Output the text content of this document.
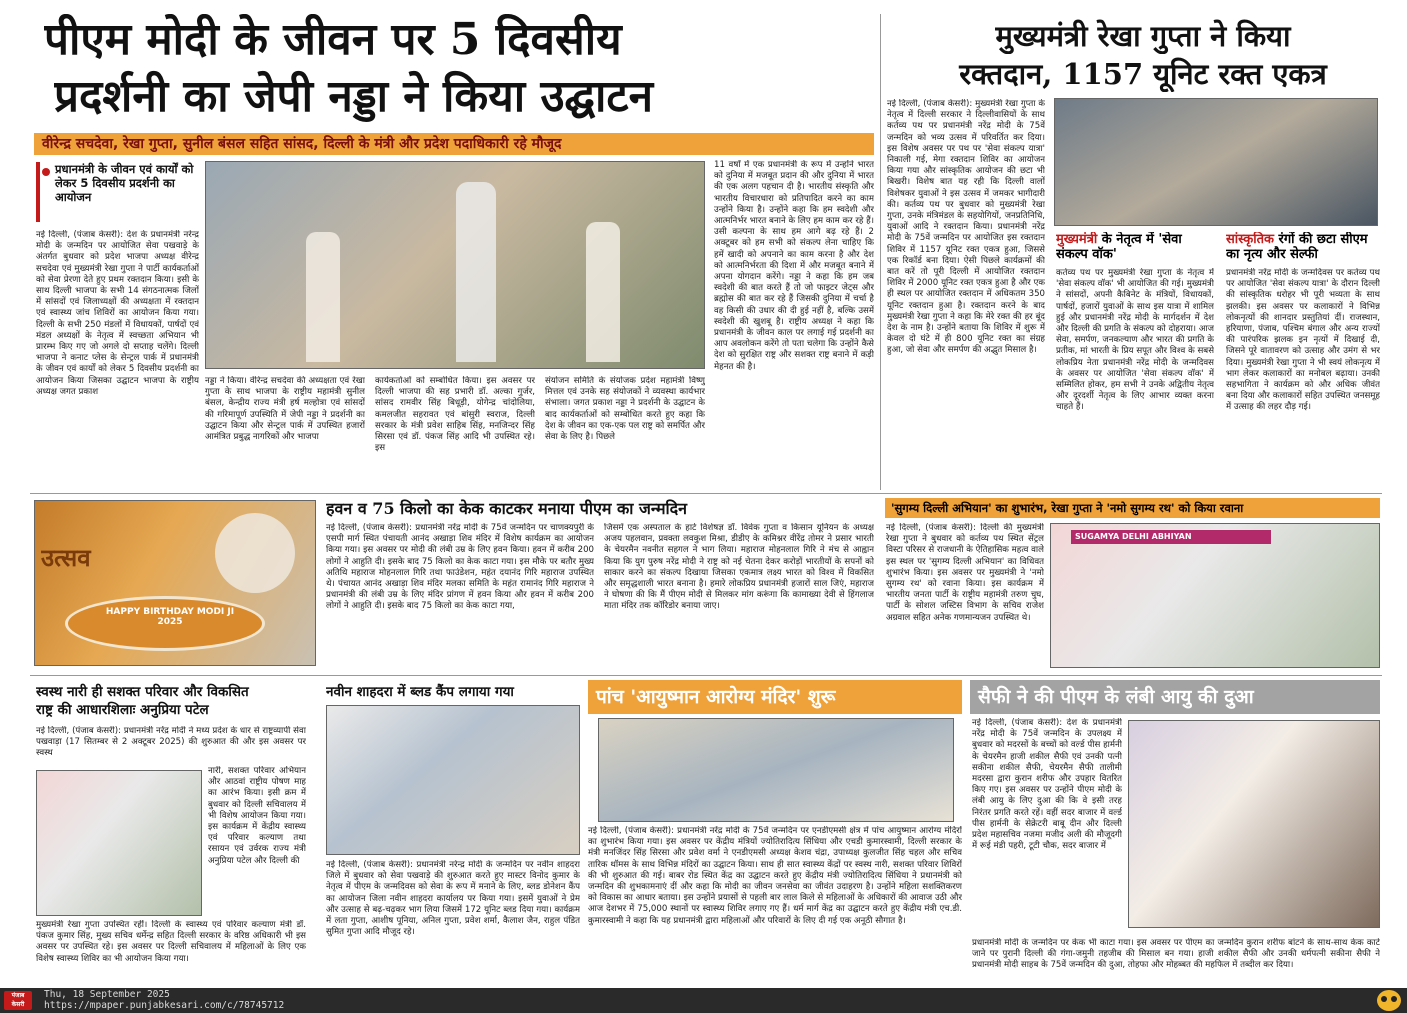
पीएम मोदी के जीवन पर 5 दिवसीय
प्रदर्शनी का जेपी नड्डा ने किया उद्घाटन
वीरेन्द्र सचदेवा, रेखा गुप्ता, सुनील बंसल सहित सांसद, दिल्ली के मंत्री और प्रदेश पदाधिकारी रहे मौजूद
प्रधानमंत्री के जीवन एवं कार्यों को लेकर 5 दिवसीय प्रदर्शनी का आयोजन
नई दिल्ली, (पंजाब केसरी): देश के प्रधानमंत्री नरेन्द्र मोदी के जन्मदिन पर आयोजित सेवा पखवाड़े के अंतर्गत बुधवार को प्रदेश भाजपा अध्यक्ष वीरेन्द्र सचदेवा एवं मुख्यमंत्री रेखा गुप्ता ने पार्टी कार्यकर्ताओं को सेवा प्रेरणा देते हुए प्रथम रक्तदान किया। इसी के साथ दिल्ली भाजपा के सभी 14 संगठनात्मक जिलों में सांसदों एवं जिलाध्यक्षों की अध्यक्षता में रक्तदान एवं स्वास्थ्य जांच शिविरों का आयोजन किया गया। दिल्ली के सभी 250 मंडलों में विधायकों, पार्षदों एवं मंडल अध्यक्षों के नेतृत्व में स्वच्छता अभियान भी प्रारम्भ किए गए जो अगले दो सप्ताह चलेंगे। दिल्ली भाजपा ने कनाट प्लेस के सेन्ट्रल पार्क में प्रधानमंत्री के जीवन एवं कार्यों को लेकर 5 दिवसीय प्रदर्शनी का आयोजन किया जिसका उद्घाटन भाजपा के राष्ट्रीय अध्यक्ष जगत प्रकाश
नड्डा ने किया। वीरेन्द्र सचदेवा की अध्यक्षता एवं रेखा गुप्ता के साथ भाजपा के राष्ट्रीय महामंत्री सुनील बंसल, केन्द्रीय राज्य मंत्री हर्ष मल्होत्रा एवं सांसदों की गरिमापूर्ण उपस्थिति में जेपी नड्डा ने प्रदर्शनी का उद्घाटन किया और सेन्ट्रल पार्क में उपस्थित हजारों आमंत्रित प्रबुद्ध नागरिकों और भाजपा
कार्यकर्ताओं को सम्बोधित किया। इस अवसर पर दिल्ली भाजपा की सह प्रभारी डॉ. अल्का गुर्जर, सांसद रामवीर सिंह बिधूड़ी, योगेन्द्र चांदोलिया, कमलजीत सहरावत एवं बांसुरी स्वराज, दिल्ली सरकार के मंत्री प्रवेश साहिब सिंह, मनजिन्दर सिंह सिरसा एवं डॉ. पंकज सिंह आदि भी उपस्थित रहे। इस
संयोजन समिति के संयोजक प्रदेश महामंत्री विष्णु मित्तल एवं उनके सह संयोजकों ने व्यवस्था कार्यभार संभाला। जगत प्रकाश नड्डा ने प्रदर्शनी के उद्घाटन के बाद कार्यकर्ताओं को सम्बोधित करते हुए कहा कि देश के जीवन का एक-एक पल राष्ट्र को समर्पित और सेवा के लिए है। पिछले
11 वर्षों में एक प्रधानमंत्री के रूप में उन्होंने भारत को दुनिया में मजबूत प्रदान की और दुनिया में भारत की एक अलग पहचान दी है। भारतीय संस्कृति और भारतीय विचारधारा को प्रतिपादित करने का काम उन्होंने किया है। उन्होंने कहा कि हम स्वदेशी और आत्मनिर्भर भारत बनाने के लिए हम काम कर रहे हैं। उसी कल्पना के साथ हम आगे बढ़ रहे हैं। 2 अक्टूबर को हम सभी को संकल्प लेना चाहिए कि हमें खादी को अपनाने का काम करना है और देश को आत्मनिर्भरता की दिशा में और मजबूत बनाने में अपना योगदान करेंगे। नड्डा ने कहा कि हम जब स्वदेशी की बात करते हैं तो जो फाइटर जेट्स और ब्रह्मोस की बात कर रहे हैं जिसकी दुनिया में चर्चा है वह किसी की उधार की दी हुई नहीं है, बल्कि उसमें स्वदेशी की खुशबू है। राष्ट्रीय अध्यक्ष ने कहा कि प्रधानमंत्री के जीवन काल पर लगाई गई प्रदर्शनी का आप अवलोकन करेंगे तो पता चलेगा कि उन्होंने कैसे देश को सुरक्षित राष्ट्र और सशक्त राष्ट्र बनाने में कड़ी मेहनत की है।
मुख्यमंत्री रेखा गुप्ता ने किया
रक्तदान, 1157 यूनिट रक्त एकत्र
नई दिल्ली, (पंजाब केसरी): मुख्यमंत्री रेखा गुप्ता के नेतृत्व में दिल्ली सरकार ने दिल्लीवासियों के साथ कर्तव्य पथ पर प्रधानमंत्री नरेंद्र मोदी के 75वें जन्मदिन को भव्य उत्सव में परिवर्तित कर दिया। इस विशेष अवसर पर पथ पर 'सेवा संकल्प यात्रा' निकाली गई, मेगा रक्तदान शिविर का आयोजन किया गया और सांस्कृतिक आयोजन की छटा भी बिखरी। विशेष बात यह रही कि दिल्ली वालों विशेषकर युवाओं ने इस उत्सव में जमकर भागीदारी की। कर्तव्य पथ पर बुधवार को मुख्यमंत्री रेखा गुप्ता, उनके मंत्रिमंडल के सहयोगियों, जनप्रतिनिधि, युवाओं आदि ने रक्तदान किया। प्रधानमंत्री नरेंद्र मोदी के 75वें जन्मदिन पर आयोजित इस रक्तदान शिविर में 1157 यूनिट रक्त एकत्र हुआ, जिससे एक रिकॉर्ड बना दिया। ऐसी पिछले कार्यक्रमों की बात करें तो पूरी दिल्ली में आयोजित रक्तदान शिविर में 2000 यूनिट रक्त एकत्र हुआ है और एक ही स्थल पर आयोजित रक्तदान में अधिकतम 350 यूनिट रक्तदान हुआ है। रक्तदान करने के बाद मुख्यमंत्री रेखा गुप्ता ने कहा कि मेरे रक्त की हर बूंद देश के नाम है। उन्होंने बताया कि शिविर में शुरू में केवल दो घंटे में ही 800 यूनिट रक्त का संग्रह हुआ, जो सेवा और समर्पण की अद्भुत मिसाल है।
मुख्यमंत्री के नेतृत्व में 'सेवा संकल्प वॉक'
कर्तव्य पथ पर मुख्यमंत्री रेखा गुप्ता के नेतृत्व में 'सेवा संकल्प वॉक' भी आयोजित की गई। मुख्यमंत्री ने सांसदों, अपनी कैबिनेट के मंत्रियों, विधायकों, पार्षदों, हजारों युवाओं के साथ इस यात्रा में शामिल हुई और प्रधानमंत्री नरेंद्र मोदी के मार्गदर्शन में देश और दिल्ली की प्रगति के संकल्प को दोहराया। आज सेवा, समर्पण, जनकल्याण और भारत की प्रगति के प्रतीक, मां भारती के प्रिय सपूत और विश्व के सबसे लोकप्रिय नेता प्रधानमंत्री नरेंद्र मोदी के जन्मदिवस के अवसर पर आयोजित 'सेवा संकल्प वॉक' में सम्मिलित होकर, हम सभी ने उनके अद्वितीय नेतृत्व और दूरदर्शी नेतृत्व के लिए आभार व्यक्त करना चाहते हैं।
सांस्कृतिक रंगों की छटा सीएम का नृत्य और सेल्फी
प्रधानमंत्री नरेंद्र मोदी के जन्मदिवस पर कर्तव्य पथ पर आयोजित 'सेवा संकल्प यात्रा' के दौरान दिल्ली की सांस्कृतिक धरोहर भी पूरी भव्यता के साथ झलकी। इस अवसर पर कलाकारों ने विभिन्न लोकनृत्यों की शानदार प्रस्तुतियां दीं। राजस्थान, हरियाणा, पंजाब, पश्चिम बंगाल और अन्य राज्यों की पारंपरिक झलक इन नृत्यों में दिखाई दी, जिसने पूरे वातावरण को उत्साह और उमंग से भर दिया। मुख्यमंत्री रेखा गुप्ता ने भी स्वयं लोकनृत्य में भाग लेकर कलाकारों का मनोबल बढ़ाया। उनकी सहभागिता ने कार्यक्रम को और अधिक जीवंत बना दिया और कलाकारों सहित उपस्थित जनसमूह में उत्साह की लहर दौड़ गई।
उत्सव
HAPPY BIRTHDAY MODI JI 2025
हवन व 75 किलो का केक काटकर मनाया पीएम का जन्मदिन
नई दिल्ली, (पंजाब केसरी): प्रधानमंत्री नरेंद्र मोदी के 75वें जन्मदिन पर चाणक्यपुरी के एसपी मार्ग स्थित पंचायती आनंद अखाड़ा शिव मंदिर में विशेष कार्यक्रम का आयोजन किया गया। इस अवसर पर मोदी की लंबी उम्र के लिए हवन किया। हवन में करीब 200 लोगों ने आहुति दी। इसके बाद 75 किलो का केक काटा गया। इस मौके पर बतौर मुख्य अतिथि महाराज मोहनलाल गिरि तथा फाउंडेशन, महंत दयानंद गिरि महाराज उपस्थित थे। पंचायत आनंद अखाड़ा शिव मंदिर मलका समिति के महंत रामानंद गिरि महाराज ने प्रधानमंत्री की लंबी उम्र के लिए मंदिर प्रांगण में हवन किया और हवन में करीब 200 लोगों ने आहुति दी। इसके बाद 75 किलो का केक काटा गया,
जिसमें एक अस्पताल के हार्ट विशेषज्ञ डॉ. विवेक गुप्ता व किसान यूनियन के अध्यक्ष अजय पहलवान, प्रवक्ता लवकुश मिश्रा, डीडीए के कमिश्नर वीरेंद्र तोमर ने प्रसार भारती के चेयरमैन नवनीत सहगल ने भाग लिया। महाराज मोहनलाल गिरि ने मंच से आह्वान किया कि युग पुरुष नरेंद्र मोदी ने राष्ट्र को नई चेतना देकर करोड़ों भारतीयों के सपनों को साकार करने का संकल्प दिखाया जिसका एकमात्र लक्ष्य भारत को विश्व में विकसित और समृद्धशाली भारत बनाना है। हमारे लोकप्रिय प्रधानमंत्री हजारों साल जिएं, महाराज ने घोषणा की कि मैं पीएम मोदी से मिलकर मांग करूंगा कि कामाख्या देवी से हिंगलाज माता मंदिर तक कॉरिडोर बनाया जाए।
'सुगम्य दिल्ली अभियान' का शुभारंभ, रेखा गुप्ता ने 'नमो सुगम्य रथ' को किया रवाना
नई दिल्ली, (पंजाब केसरी): दिल्ली की मुख्यमंत्री रेखा गुप्ता ने बुधवार को कर्तव्य पथ स्थित सेंट्रल विस्टा परिसर से राजधानी के ऐतिहासिक महत्व वाले इस स्थल पर 'सुगम्य दिल्ली अभियान' का विधिवत शुभारंभ किया। इस अवसर पर मुख्यमंत्री ने 'नमो सुगम्य रथ' को रवाना किया। इस कार्यक्रम में भारतीय जनता पार्टी के राष्ट्रीय महामंत्री तरुण चुघ, पार्टी के सोशल जस्टिस विभाग के सचिव राजेश अग्रवाल सहित अनेक गणमान्यजन उपस्थित थे।
SUGAMYA DELHI ABHIYAN
स्वस्थ नारी ही सशक्त परिवार और विकसित
राष्ट्र की आधारशिलाः अनुप्रिया पटेल
नई दिल्ली, (पंजाब केसरी): प्रधानमंत्री नरेंद्र मोदी ने मध्य प्रदेश के धार से राष्ट्रव्यापी सेवा पखवाड़ा (17 सितम्बर से 2 अक्टूबर 2025) की शुरुआत की और इस अवसर पर स्वस्थ
नारी, सशक्त परिवार अभियान और आठवां राष्ट्रीय पोषण माह का आरंभ किया। इसी क्रम में बुधवार को दिल्ली सचिवालय में भी विशेष आयोजन किया गया। इस कार्यक्रम में केंद्रीय स्वास्थ्य एवं परिवार कल्याण तथा रसायन एवं उर्वरक राज्य मंत्री अनुप्रिया पटेल और दिल्ली की
मुख्यमंत्री रेखा गुप्ता उपस्थित रहीं। दिल्ली के स्वास्थ्य एवं परिवार कल्याण मंत्री डॉ. पंकज कुमार सिंह, मुख्य सचिव धर्मेन्द्र सहित दिल्ली सरकार के वरिष्ठ अधिकारी भी इस अवसर पर उपस्थित रहे। इस अवसर पर दिल्ली सचिवालय में महिलाओं के लिए एक विशेष स्वास्थ्य शिविर का भी आयोजन किया गया।
नवीन शाहदरा में ब्लड कैंप लगाया गया
नई दिल्ली, (पंजाब केसरी): प्रधानमंत्री नरेन्द्र मोदी के जन्मदिन पर नवीन शाहदरा जिले में बुधवार को सेवा पखवाड़े की शुरुआत करते हुए मास्टर विनोद कुमार के नेतृत्व में पीएम के जन्मदिवस को सेवा के रूप में मनाने के लिए, ब्लड डोनेशन कैंप का आयोजन जिला नवीन शाहदरा कार्यालय पर किया गया। इसमें युवाओं ने प्रेम और उत्साह से बढ़-चढ़कर भाग लिया जिसमें 172 यूनिट ब्लड दिया गया। कार्यक्रम में लता गुप्ता, आशीष पूनिया, अनिल गुप्ता, प्रवेश शर्मा, कैलाश जैन, राहुल पंडित सुमित गुप्ता आदि मौजूद रहे।
पांच 'आयुष्मान आरोग्य मंदिर' शुरू
नई दिल्ली, (पंजाब केसरी): प्रधानमंत्री नरेंद्र मोदी के 75वें जन्मदिन पर एनडीएमसी क्षेत्र में पांच आयुष्मान आरोग्य मंदिरों का शुभारंभ किया गया। इस अवसर पर केंद्रीय मंत्रियों ज्योतिरादित्य सिंधिया और एचडी कुमारस्वामी, दिल्ली सरकार के मंत्री मनजिंदर सिंह सिरसा और प्रवेश वर्मा ने एनडीएमसी अध्यक्ष केशव चंद्रा, उपाध्यक्ष कुलजीत सिंह चहल और सचिव तारिक थॉमस के साथ विभिन्न मंदिरों का उद्घाटन किया। साथ ही सात स्वास्थ्य केंद्रों पर स्वस्थ नारी, सशक्त परिवार शिविरों की भी शुरुआत की गई। बाबर रोड स्थित केंद्र का उद्घाटन करते हुए केंद्रीय मंत्री ज्योतिरादित्य सिंधिया ने प्रधानमंत्री को जन्मदिन की शुभकामनाएं दीं और कहा कि मोदी का जीवन जनसेवा का जीवंत उदाहरण है। उन्होंने महिला सशक्तिकरण को विकास का आधार बताया। इस उन्होंने प्रयासों से पहली बार लाल किले से महिलाओं के अधिकारों की आवाज उठी और आज देशभर में 75,000 स्थानों पर स्वास्थ्य शिविर लगाए गए हैं। धर्म मार्ग केंद्र का उद्घाटन करते हुए केंद्रीय मंत्री एच.डी. कुमारस्वामी ने कहा कि यह प्रधानमंत्री द्वारा महिलाओं और परिवारों के लिए दी गई एक अनूठी सौगात है।
सैफी ने की पीएम के लंबी आयु की दुआ
नई दिल्ली, (पंजाब केसरी): देश के प्रधानमंत्री नरेंद्र मोदी के 75वें जन्मदिन के उपलक्ष्य में बुधवार को मदरसों के बच्चों को वर्ल्ड पीस हार्मनी के चेयरमैन हाजी शकील सैफी एवं उनकी पत्नी सकीना शकील सैफी, चेयरमैन सैफी तालीमी मदरसा द्वारा कुरान शरीफ और उपहार वितरित किए गए। इस अवसर पर उन्होंने पीएम मोदी के लंबी आयु के लिए दुआ की कि वे इसी तरह निरंतर प्रगति करते रहें। वहीं सदर बाजार में वर्ल्ड पीस हार्मनी के सेक्रेटरी बाबू दीन और दिल्ली प्रदेश महासचिव नजमा मजीद अली की मौजूदगी में रूई मंडी पहरी, टूटी चौक, सदर बाजार में
प्रधानमंत्री मोदी के जन्मदिन पर केक भी काटा गया। इस अवसर पर पीएम का जन्मदिन कुरान शरीफ बांटने के साथ-साथ केक काटे जाने पर पुरानी दिल्ली की गंगा-जमुनी तहजीब की मिसाल बन गया। हाजी शकील सैफी और उनकी धर्मपत्नी सकीना सैफी ने प्रधानमंत्री मोदी साहब के 75वें जन्मदिन की दुआ, तोहफा और मोहब्बत की महफिल में तब्दील कर दिया।
पंजाब
केसरी
Thu, 18 September 2025
https://mpaper.punjabkesari.com/c/78745712
